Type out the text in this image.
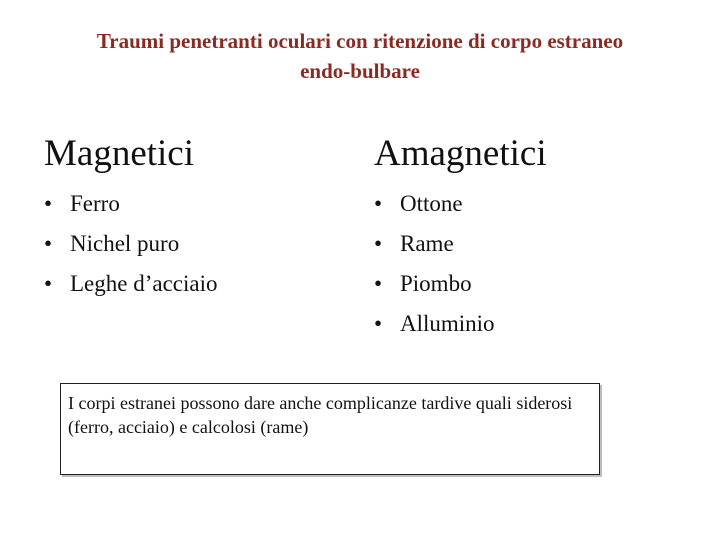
Traumi penetranti oculari con ritenzione di corpo estraneo
endo-bulbare
Magnetici
• Ferro
• Nichel puro
• Leghe d’acciaio
Amagnetici
• Ottone
• Rame
• Piombo
• Alluminio
I corpi estranei possono dare anche complicanze tardive quali siderosi (ferro, acciaio) e calcolosi (rame)
